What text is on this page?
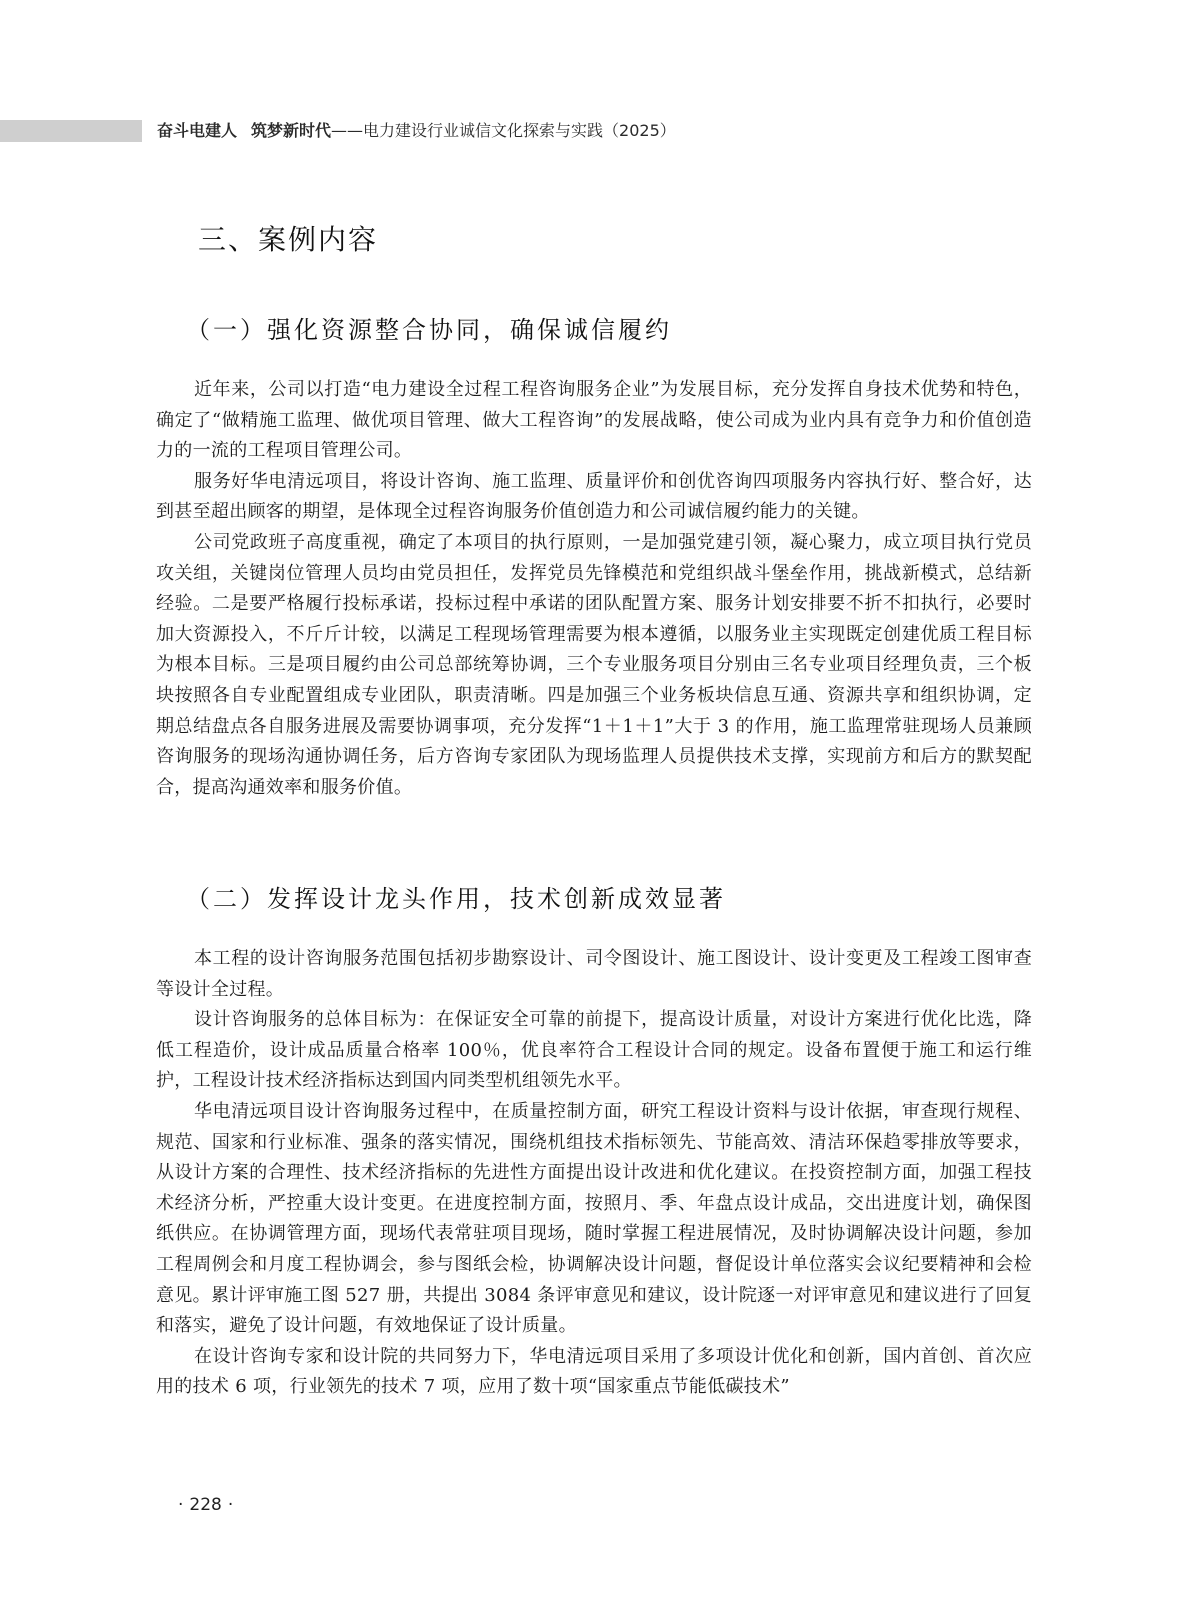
奋斗电建人 筑梦新时代——电力建设行业诚信文化探索与实践（2025）
三、案例内容
（一）强化资源整合协同，确保诚信履约

近年来，公司以打造“电力建设全过程工程咨询服务企业”为发展目标，充分发挥自身技术优势和特色，确定了“做精施工监理、做优项目管理、做大工程咨询”的发展战略，使公司成为业内具有竞争力和价值创造力的一流的工程项目管理公司。

服务好华电清远项目，将设计咨询、施工监理、质量评价和创优咨询四项服务内容执行好、整合好，达到甚至超出顾客的期望，是体现全过程咨询服务价值创造力和公司诚信履约能力的关键。

公司党政班子高度重视，确定了本项目的执行原则，一是加强党建引领，凝心聚力，成立项目执行党员攻关组，关键岗位管理人员均由党员担任，发挥党员先锋模范和党组织战斗堡垒作用，挑战新模式，总结新经验。二是要严格履行投标承诺，投标过程中承诺的团队配置方案、服务计划安排要不折不扣执行，必要时加大资源投入，不斤斤计较，以满足工程现场管理需要为根本遵循，以服务业主实现既定创建优质工程目标为根本目标。三是项目履约由公司总部统筹协调，三个专业服务项目分别由三名专业项目经理负责，三个板块按照各自专业配置组成专业团队，职责清晰。四是加强三个业务板块信息互通、资源共享和组织协调，定期总结盘点各自服务进展及需要协调事项，充分发挥“1＋1＋1”大于 3 的作用，施工监理常驻现场人员兼顾咨询服务的现场沟通协调任务，后方咨询专家团队为现场监理人员提供技术支撑，实现前方和后方的默契配合，提高沟通效率和服务价值。

（二）发挥设计龙头作用，技术创新成效显著

本工程的设计咨询服务范围包括初步勘察设计、司令图设计、施工图设计、设计变更及工程竣工图审查等设计全过程。

设计咨询服务的总体目标为：在保证安全可靠的前提下，提高设计质量，对设计方案进行优化比选，降低工程造价，设计成品质量合格率 100％，优良率符合工程设计合同的规定。设备布置便于施工和运行维护，工程设计技术经济指标达到国内同类型机组领先水平。

华电清远项目设计咨询服务过程中，在质量控制方面，研究工程设计资料与设计依据，审查现行规程、规范、国家和行业标准、强条的落实情况，围绕机组技术指标领先、节能高效、清洁环保趋零排放等要求，从设计方案的合理性、技术经济指标的先进性方面提出设计改进和优化建议。在投资控制方面，加强工程技术经济分析，严控重大设计变更。在进度控制方面，按照月、季、年盘点设计成品，交出进度计划，确保图纸供应。在协调管理方面，现场代表常驻项目现场，随时掌握工程进展情况，及时协调解决设计问题，参加工程周例会和月度工程协调会，参与图纸会检，协调解决设计问题，督促设计单位落实会议纪要精神和会检意见。累计评审施工图 527 册，共提出 3084 条评审意见和建议，设计院逐一对评审意见和建议进行了回复和落实，避免了设计问题，有效地保证了设计质量。

在设计咨询专家和设计院的共同努力下，华电清远项目采用了多项设计优化和创新，国内首创、首次应用的技术 6 项，行业领先的技术 7 项，应用了数十项“国家重点节能低碳技术”

· 228 ·
